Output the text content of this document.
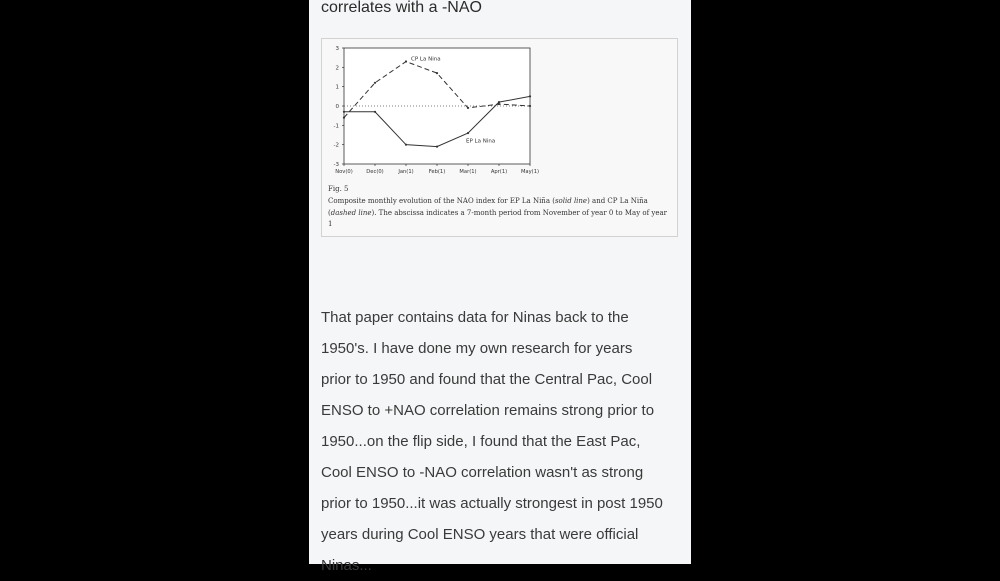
correlates with a -NAO

-3
-2
-1
0
1
2
3
Nov(0)	Dec(0)	Jan(1)	Feb(1)	Mar(1)	Apr(1)	May(1)
CP La Nina
EP La Nina

Fig. 5

Composite monthly evolution of the NAO index for EP La Niña (solid line) and CP La Niña (dashed line). The abscissa indicates a 7-month period from November of year 0 to May of year 1

That paper contains data for Ninas back to the
1950's. I have done my own research for years
prior to 1950 and found that the Central Pac, Cool
ENSO to +NAO correlation remains strong prior to
1950...on the flip side, I found that the East Pac,
Cool ENSO to -NAO correlation wasn't as strong
prior to 1950...it was actually strongest in post 1950
years during Cool ENSO years that were official
Ninas...
